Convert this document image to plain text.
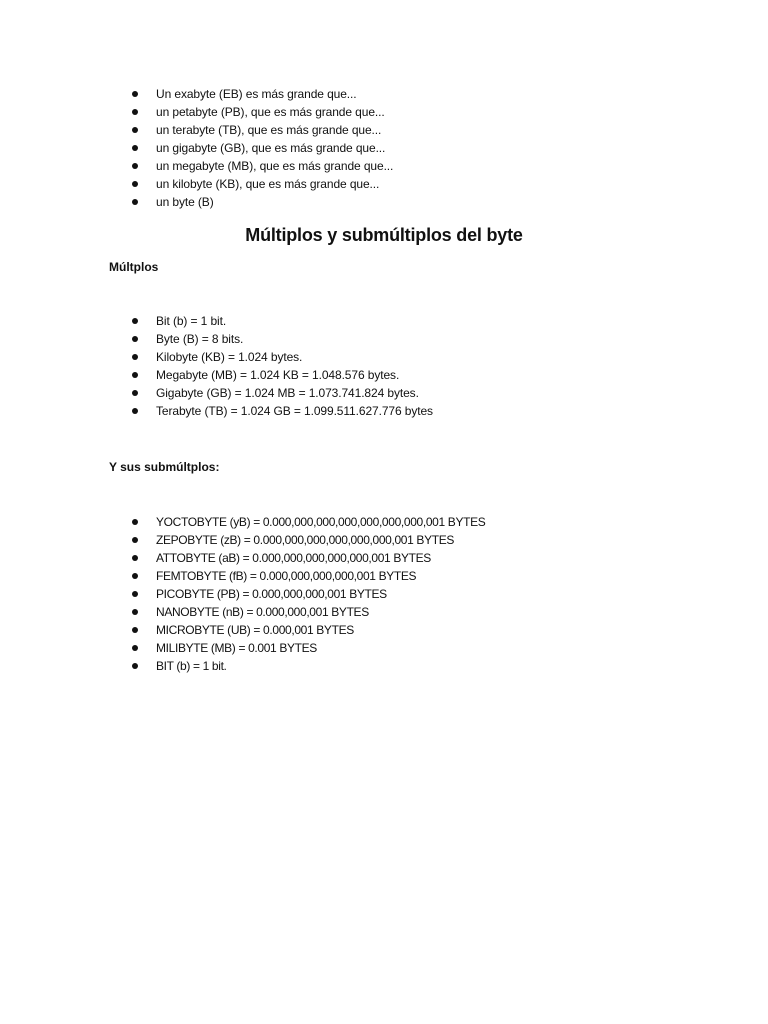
Un exabyte (EB) es más grande que...
un petabyte (PB), que es más grande que...
un terabyte (TB), que es más grande que...
un gigabyte (GB), que es más grande que...
un megabyte (MB), que es más grande que...
un kilobyte (KB), que es más grande que...
un byte (B)
Múltiplos y submúltiplos del byte
Múltplos
Bit (b) = 1 bit.
Byte (B) = 8 bits.
Kilobyte (KB) = 1.024 bytes.
Megabyte (MB) = 1.024 KB = 1.048.576 bytes.
Gigabyte (GB) = 1.024 MB = 1.073.741.824 bytes.
Terabyte (TB) = 1.024 GB = 1.099.511.627.776 bytes
Y sus submúltplos:
YOCTOBYTE (yB) = 0.000,000,000,000,000,000,000,001 BYTES
ZEPOBYTE (zB) = 0.000,000,000,000,000,000,001 BYTES
ATTOBYTE (aB) = 0.000,000,000,000,000,001 BYTES
FEMTOBYTE (fB) = 0.000,000,000,000,001 BYTES
PICOBYTE (PB) = 0.000,000,000,001 BYTES
NANOBYTE (nB) = 0.000,000,001 BYTES
MICROBYTE (UB) = 0.000,001 BYTES
MILIBYTE (MB) = 0.001 BYTES
BIT (b) = 1 bit.
